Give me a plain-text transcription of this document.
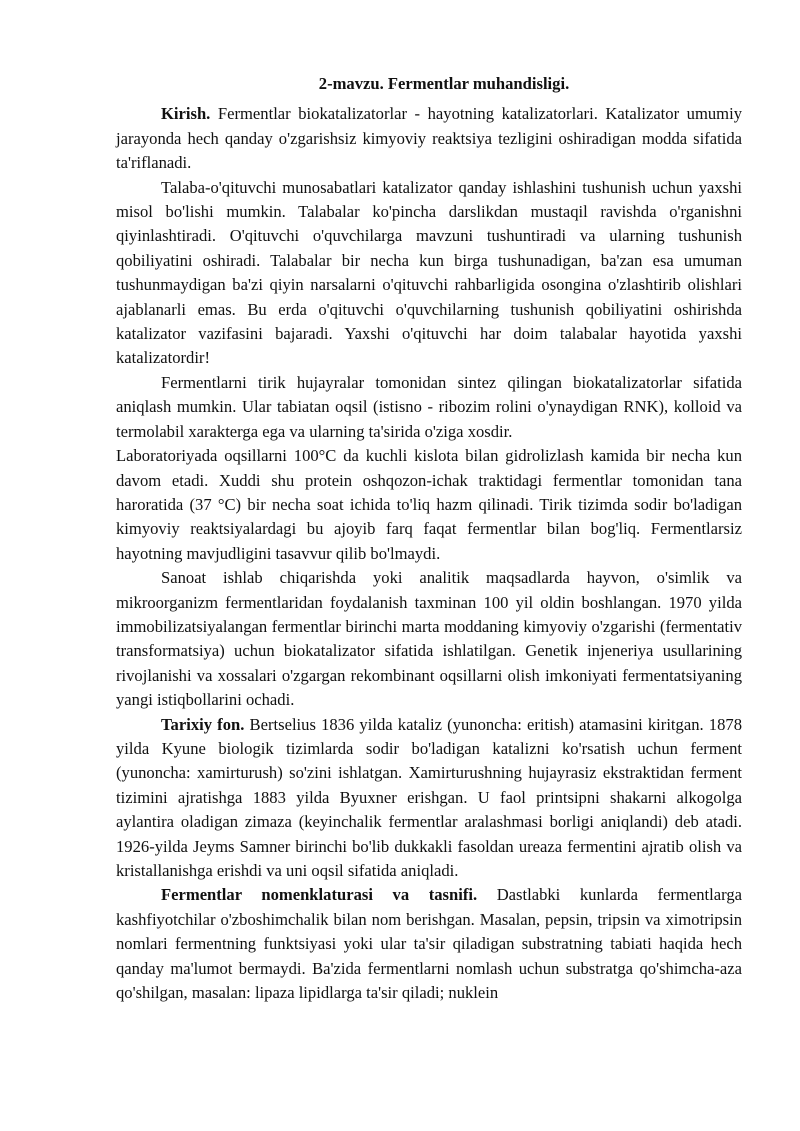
2-mavzu. Fermentlar muhandisligi.

Kirish. Fermentlar biokatalizatorlar - hayotning katalizatorlari. Katalizator umumiy jarayonda hech qanday o'zgarishsiz kimyoviy reaktsiya tezligini oshiradigan modda sifatida ta'riflanadi.

Talaba-o'qituvchi munosabatlari katalizator qanday ishlashini tushunish uchun yaxshi misol bo'lishi mumkin. Talabalar ko'pincha darslikdan mustaqil ravishda o'rganishni qiyinlashtiradi. O'qituvchi o'quvchilarga mavzuni tushuntiradi va ularning tushunish qobiliyatini oshiradi. Talabalar bir necha kun birga tushunadigan, ba'zan esa umuman tushunmaydigan ba'zi qiyin narsalarni o'qituvchi rahbarligida osongina o'zlashtirib olishlari ajablanarli emas. Bu erda o'qituvchi o'quvchilarning tushunish qobiliyatini oshirishda katalizator vazifasini bajaradi. Yaxshi o'qituvchi har doim talabalar hayotida yaxshi katalizatordir!

Fermentlarni tirik hujayralar tomonidan sintez qilingan biokatalizatorlar sifatida aniqlash mumkin. Ular tabiatan oqsil (istisno - ribozim rolini o'ynaydigan RNK), kolloid va termolabil xarakterga ega va ularning ta'sirida o'ziga xosdir.

Laboratoriyada oqsillarni 100°C da kuchli kislota bilan gidrolizlash kamida bir necha kun davom etadi. Xuddi shu protein oshqozon-ichak traktidagi fermentlar tomonidan tana haroratida (37 °C) bir necha soat ichida to'liq hazm qilinadi. Tirik tizimda sodir bo'ladigan kimyoviy reaktsiyalardagi bu ajoyib farq faqat fermentlar bilan bog'liq. Fermentlarsiz hayotning mavjudligini tasavvur qilib bo'lmaydi.

Sanoat ishlab chiqarishda yoki analitik maqsadlarda hayvon, o'simlik va mikroorganizm fermentlaridan foydalanish taxminan 100 yil oldin boshlangan. 1970 yilda immobilizatsiyalangan fermentlar birinchi marta moddaning kimyoviy o'zgarishi (fermentativ transformatsiya) uchun biokatalizator sifatida ishlatilgan. Genetik injeneriya usullarining rivojlanishi va xossalari o'zgargan rekombinant oqsillarni olish imkoniyati fermentatsiyaning yangi istiqbollarini ochadi.

Tarixiy fon. Bertselius 1836 yilda kataliz (yunoncha: eritish) atamasini kiritgan. 1878 yilda Kyune biologik tizimlarda sodir bo'ladigan katalizni ko'rsatish uchun ferment (yunoncha: xamirturush) so'zini ishlatgan. Xamirturushning hujayrasiz ekstraktidan ferment tizimini ajratishga 1883 yilda Byuxner erishgan. U faol printsipni shakarni alkogolga aylantira oladigan zimaza (keyinchalik fermentlar aralashmasi borligi aniqlandi) deb atadi. 1926-yilda Jeyms Samner birinchi bo'lib dukkakli fasoldan ureaza fermentini ajratib olish va kristallanishga erishdi va uni oqsil sifatida aniqladi.

Fermentlar nomenklaturasi va tasnifi. Dastlabki kunlarda fermentlarga kashfiyotchilar o'zboshimchalik bilan nom berishgan. Masalan, pepsin, tripsin va ximotripsin nomlari fermentning funktsiyasi yoki ular ta'sir qiladigan substratning tabiati haqida hech qanday ma'lumot bermaydi. Ba'zida fermentlarni nomlash uchun substratga qo'shimcha-aza qo'shilgan, masalan: lipaza lipidlarga ta'sir qiladi; nuklein
